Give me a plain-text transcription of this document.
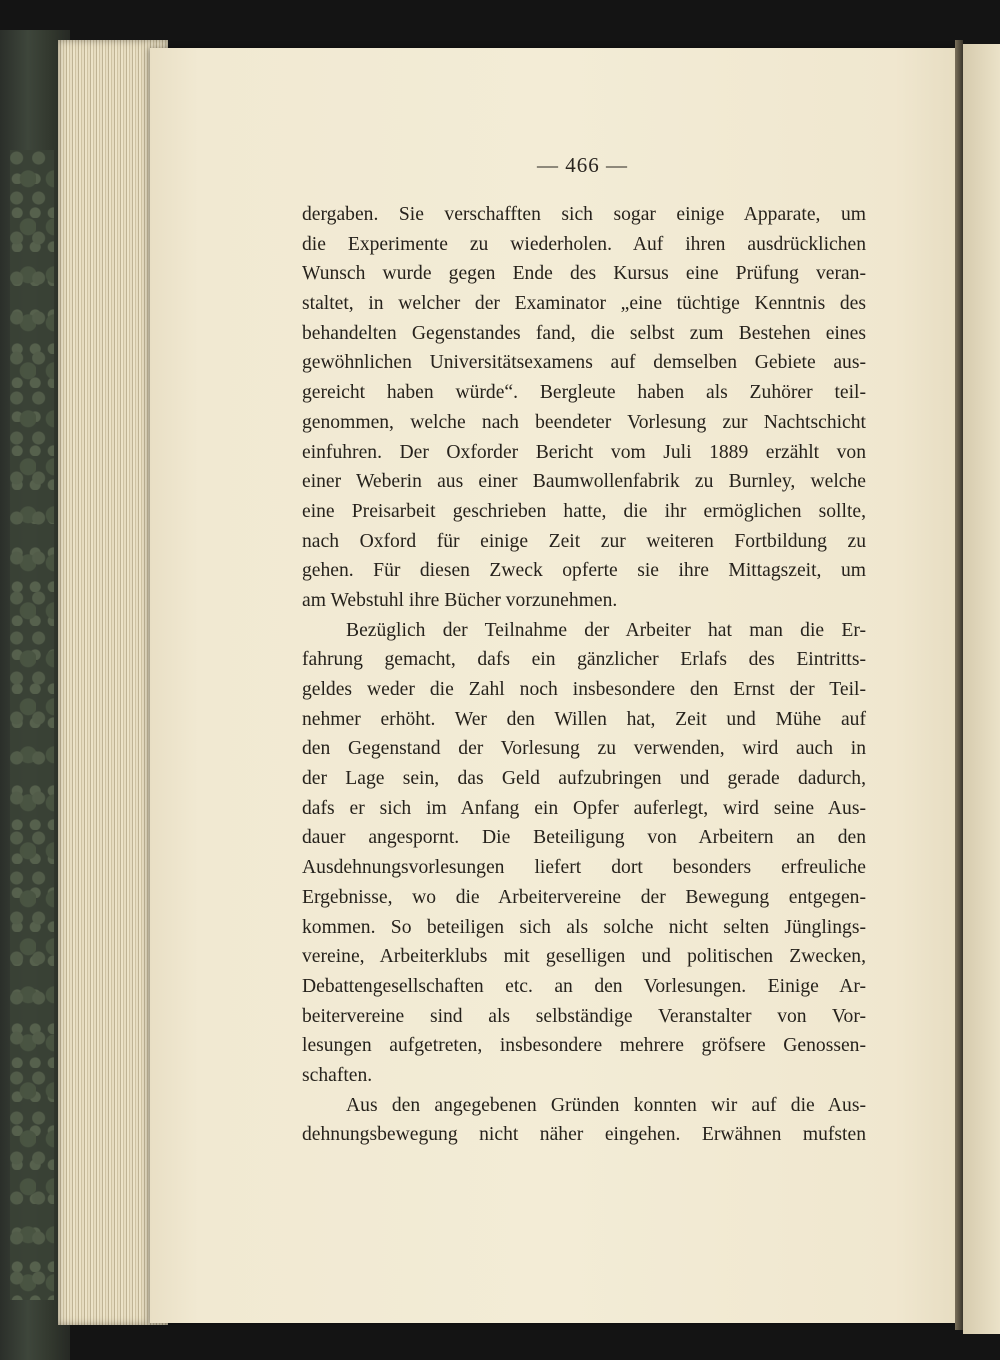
— 466 —
dergaben. Sie verschafften sich sogar einige Apparate, um
die Experimente zu wiederholen. Auf ihren ausdrücklichen
Wunsch wurde gegen Ende des Kursus eine Prüfung veran-
staltet, in welcher der Examinator „eine tüchtige Kenntnis des
behandelten Gegenstandes fand, die selbst zum Bestehen eines
gewöhnlichen Universitätsexamens auf demselben Gebiete aus-
gereicht haben würde“. Bergleute haben als Zuhörer teil-
genommen, welche nach beendeter Vorlesung zur Nachtschicht
einfuhren. Der Oxforder Bericht vom Juli 1889 erzählt von
einer Weberin aus einer Baumwollenfabrik zu Burnley, welche
eine Preisarbeit geschrieben hatte, die ihr ermöglichen sollte,
nach Oxford für einige Zeit zur weiteren Fortbildung zu
gehen. Für diesen Zweck opferte sie ihre Mittagszeit, um
am Webstuhl ihre Bücher vorzunehmen.
Bezüglich der Teilnahme der Arbeiter hat man die Er-
fahrung gemacht, dafs ein gänzlicher Erlafs des Eintritts-
geldes weder die Zahl noch insbesondere den Ernst der Teil-
nehmer erhöht. Wer den Willen hat, Zeit und Mühe auf
den Gegenstand der Vorlesung zu verwenden, wird auch in
der Lage sein, das Geld aufzubringen und gerade dadurch,
dafs er sich im Anfang ein Opfer auferlegt, wird seine Aus-
dauer angespornt. Die Beteiligung von Arbeitern an den
Ausdehnungsvorlesungen liefert dort besonders erfreuliche
Ergebnisse, wo die Arbeitervereine der Bewegung entgegen-
kommen. So beteiligen sich als solche nicht selten Jünglings-
vereine, Arbeiterklubs mit geselligen und politischen Zwecken,
Debattengesellschaften etc. an den Vorlesungen. Einige Ar-
beitervereine sind als selbständige Veranstalter von Vor-
lesungen aufgetreten, insbesondere mehrere gröfsere Genossen-
schaften.
Aus den angegebenen Gründen konnten wir auf die Aus-
dehnungsbewegung nicht näher eingehen. Erwähnen mufsten
